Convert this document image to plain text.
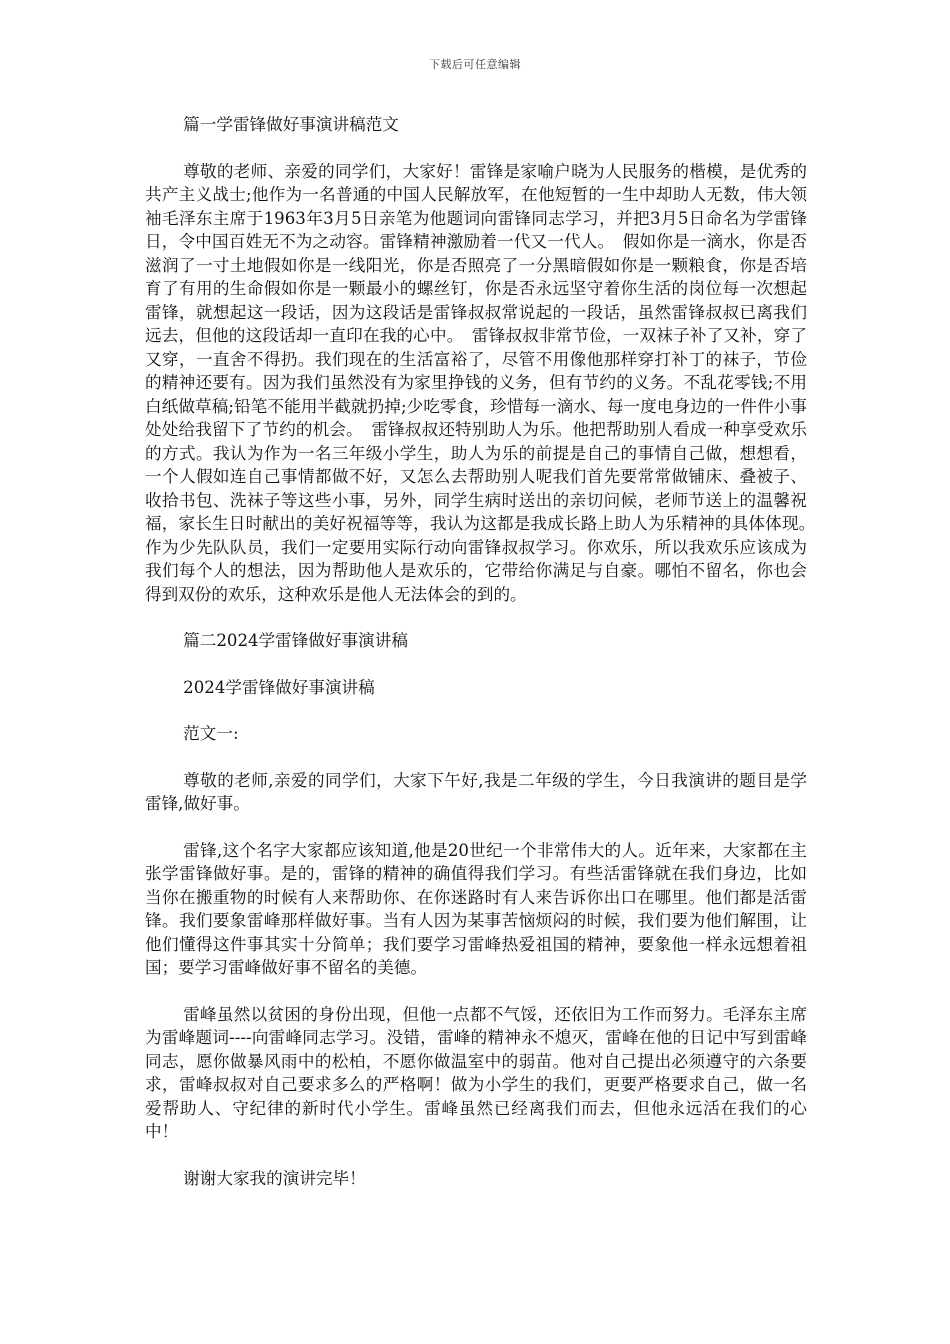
下载后可任意编辑

篇一学雷锋做好事演讲稿范文

尊敬的老师、亲爱的同学们，大家好！雷锋是家喻户晓为人民服务的楷模，是优秀的共产主义战士;他作为一名普通的中国人民解放军，在他短暂的一生中却助人无数，伟大领袖毛泽东主席于1963年3月5日亲笔为他题词向雷锋同志学习，并把3月5日命名为学雷锋日，令中国百姓无不为之动容。雷锋精神激励着一代又一代人。　假如你是一滴水，你是否滋润了一寸土地假如你是一线阳光，你是否照亮了一分黑暗假如你是一颗粮食，你是否培育了有用的生命假如你是一颗最小的螺丝钉，你是否永远坚守着你生活的岗位每一次想起雷锋，就想起这一段话，因为这段话是雷锋叔叔常说起的一段话，虽然雷锋叔叔已离我们远去，但他的这段话却一直印在我的心中。　雷锋叔叔非常节俭，一双袜子补了又补，穿了又穿，一直舍不得扔。我们现在的生活富裕了，尽管不用像他那样穿打补丁的袜子，节俭的精神还要有。因为我们虽然没有为家里挣钱的义务，但有节约的义务。不乱花零钱;不用白纸做草稿;铅笔不能用半截就扔掉;少吃零食，珍惜每一滴水、每一度电身边的一件件小事处处给我留下了节约的机会。　雷锋叔叔还特别助人为乐。他把帮助别人看成一种享受欢乐的方式。我认为作为一名三年级小学生，助人为乐的前提是自己的事情自己做，想想看，一个人假如连自己事情都做不好，又怎么去帮助别人呢我们首先要常常做铺床、叠被子、收拾书包、洗袜子等这些小事，另外，同学生病时送出的亲切问候，老师节送上的温馨祝福，家长生日时献出的美好祝福等等，我认为这都是我成长路上助人为乐精神的具体体现。　作为少先队队员，我们一定要用实际行动向雷锋叔叔学习。你欢乐，所以我欢乐应该成为我们每个人的想法，因为帮助他人是欢乐的，它带给你满足与自豪。哪怕不留名，你也会得到双份的欢乐，这种欢乐是他人无法体会的到的。

篇二2024学雷锋做好事演讲稿

2024学雷锋做好事演讲稿

范文一:

尊敬的老师,亲爱的同学们，大家下午好,我是二年级的学生，今日我演讲的题目是学雷锋,做好事。

雷锋,这个名字大家都应该知道,他是20世纪一个非常伟大的人。近年来，大家都在主张学雷锋做好事。是的，雷锋的精神的确值得我们学习。有些活雷锋就在我们身边，比如当你在搬重物的时候有人来帮助你、在你迷路时有人来告诉你出口在哪里。他们都是活雷锋。我们要象雷峰那样做好事。当有人因为某事苦恼烦闷的时候，我们要为他们解围，让他们懂得这件事其实十分简单；我们要学习雷峰热爱祖国的精神，要象他一样永远想着祖国；要学习雷峰做好事不留名的美德。

雷峰虽然以贫困的身份出现，但他一点都不气馁，还依旧为工作而努力。毛泽东主席为雷峰题词----向雷峰同志学习。没错，雷峰的精神永不熄灭，雷峰在他的日记中写到雷峰同志，愿你做暴风雨中的松柏，不愿你做温室中的弱苗。他对自己提出必须遵守的六条要求，雷峰叔叔对自己要求多么的严格啊！做为小学生的我们，更要严格要求自己，做一名爱帮助人、守纪律的新时代小学生。雷峰虽然已经离我们而去，但他永远活在我们的心中！

谢谢大家我的演讲完毕！
